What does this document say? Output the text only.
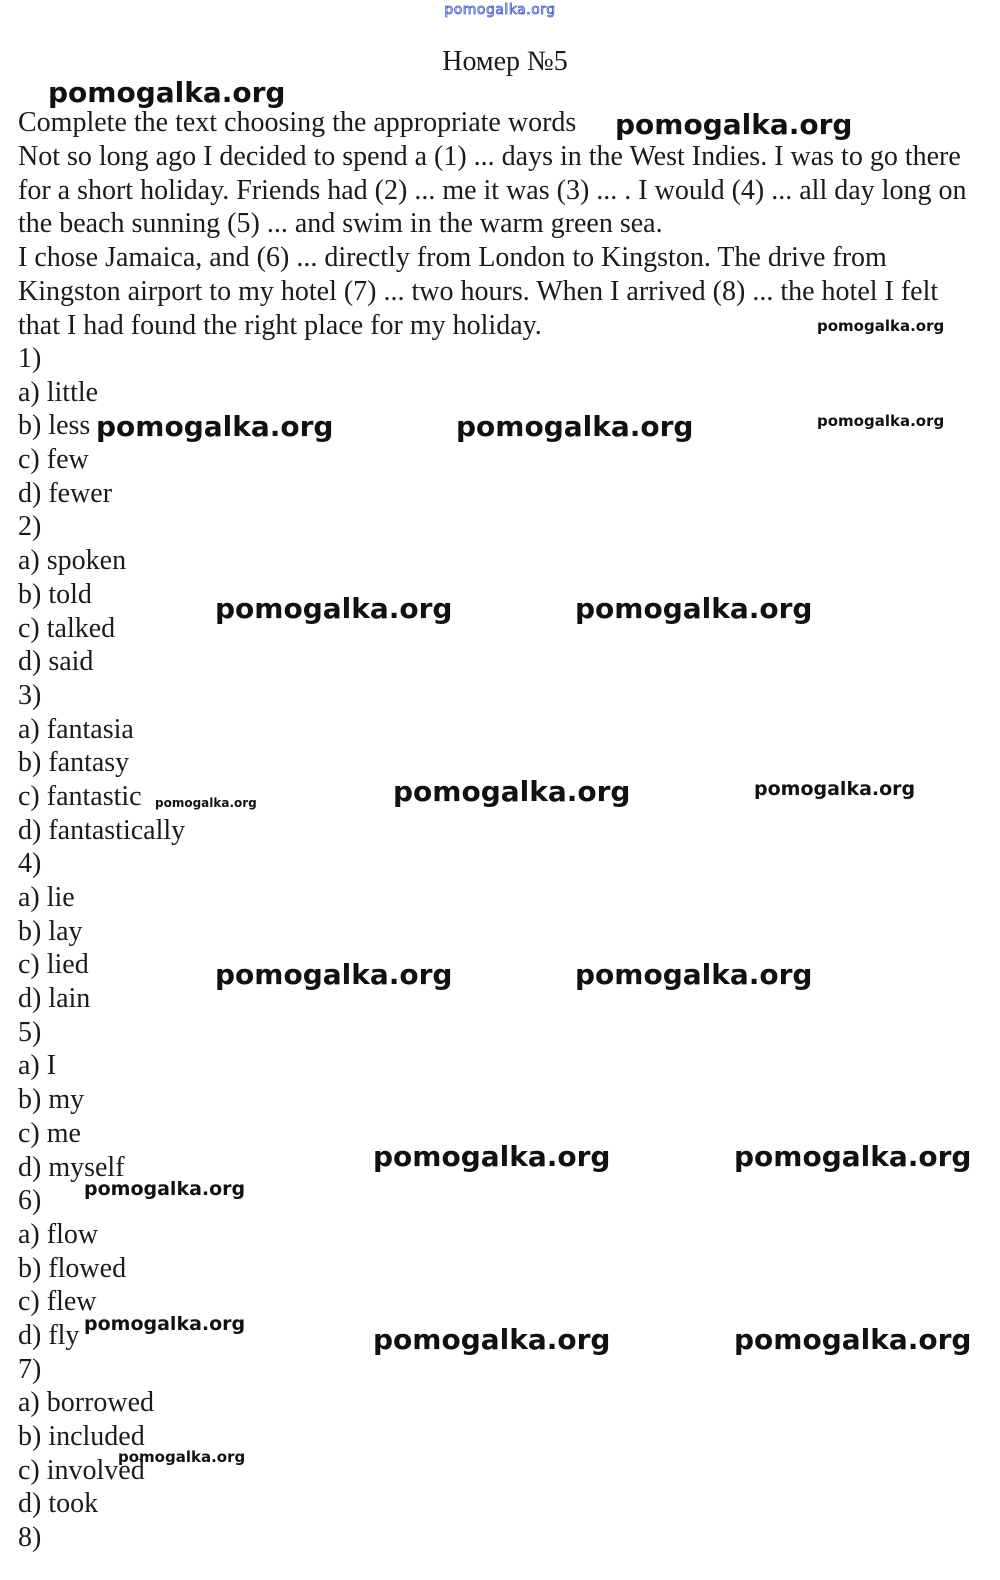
pomogalka.org
Номер №5

Complete the text choosing the appropriate words

Not so long ago I decided to spend a (1) ... days in the West Indies. I was to go there for a short holiday. Friends had (2) ... me it was (3) ... . I would (4) ... all day long on the beach sunning (5) ... and swim in the warm green sea.

I chose Jamaica, and (6) ... directly from London to Kingston. The drive from Kingston airport to my hotel (7) ... two hours. When I arrived (8) ... the hotel I felt that I had found the right place for my holiday.

1)
a) little
b) less
c) few
d) fewer
2)
a) spoken
b) told
c) talked
d) said
3)
a) fantasia
b) fantasy
c) fantastic
d) fantastically
4)
a) lie
b) lay
c) lied
d) lain
5)
a) I
b) my
c) me
d) myself
6)
a) flow
b) flowed
c) flew
d) fly
7)
a) borrowed
b) included
c) involved
d) took
8)
pomogalka.org
pomogalka.org
pomogalka.org	pomogalka.org
pomogalka.org	pomogalka.org
pomogalka.org
pomogalka.org	pomogalka.org
pomogalka.org	pomogalka.org
pomogalka.org	pomogalka.org
pomogalka.org
pomogalka.org
pomogalka.org
pomogalka.org
pomogalka.org
pomogalka.org
pomogalka.org
